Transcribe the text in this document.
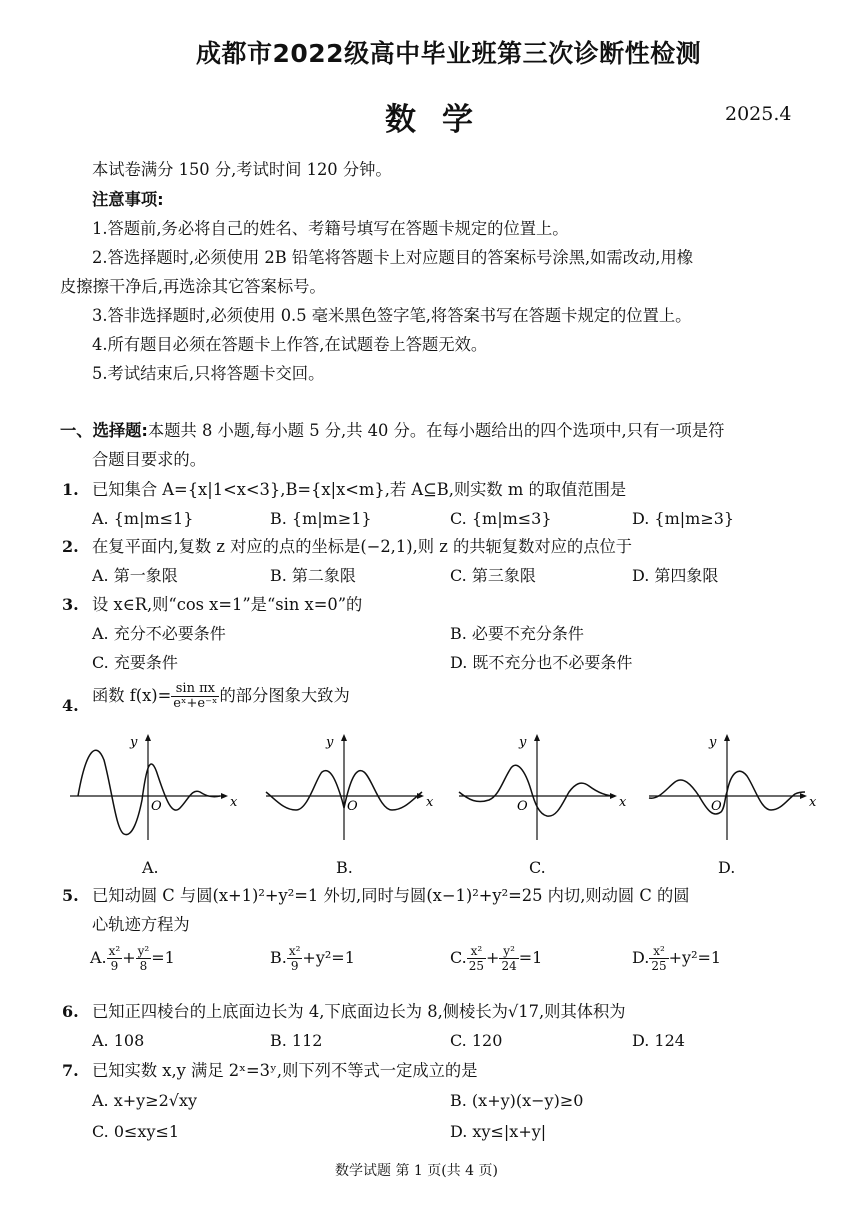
成都市2022级高中毕业班第三次诊断性检测
数学	2025.4
本试卷满分 150 分,考试时间 120 分钟。
注意事项:
1.答题前,务必将自己的姓名、考籍号填写在答题卡规定的位置上。
2.答选择题时,必须使用 2B 铅笔将答题卡上对应题目的答案标号涂黑,如需改动,用橡
皮擦擦干净后,再选涂其它答案标号。
3.答非选择题时,必须使用 0.5 毫米黑色签字笔,将答案书写在答题卡规定的位置上。
4.所有题目必须在答题卡上作答,在试题卷上答题无效。
5.考试结束后,只将答题卡交回。
一、选择题:本题共 8 小题,每小题 5 分,共 40 分。在每小题给出的四个选项中,只有一项是符
合题目要求的。
1. 已知集合 A={x|1<x<3},B={x|x<m},若 A⊆B,则实数 m 的取值范围是
A. {m|m≤1}	B. {m|m≥1}	C. {m|m≤3}	D. {m|m≥3}
2. 在复平面内,复数 z 对应的点的坐标是(−2,1),则 z 的共轭复数对应的点位于
A. 第一象限	B. 第二象限	C. 第三象限	D. 第四象限
3. 设 x∈R,则“cos x=1”是“sin x=0”的
A. 充分不必要条件	B. 必要不充分条件
C. 充要条件	D. 既不充分也不必要条件
4.
函数 $f(x)= \frac{\text{sin πx}}{\text{eˣ+e⁻ˣ}}$ 的部分图象大致为
x
y
O	x
y
O	x
y
O	x
y
O
A.	B.	C.	D.
5. 已知动圆 C 与圆(x+1)²+y²=1 外切,同时与圆(x−1)²+y²=25 内切,则动圆 C 的圆
心轨迹方程为
A. $\frac{\text{x²}}{9} + \frac{\text{y²}}{8} =1$	B. $\frac{\text{x²}}{9} +y^2=1$	C. $\frac{\text{x²}}{25} + \frac{\text{y²}}{24} =1$	D. $\frac{\text{x²}}{25} +y^2=1$
6. 已知正四棱台的上底面边长为 4,下底面边长为 8,侧棱长为√17,则其体积为
A. 108	B. 112	C. 120	D. 124
7. 已知实数 x,y 满足 2ˣ=3ʸ,则下列不等式一定成立的是
A. x+y≥2√xy	B. (x+y)(x−y)≥0
C. 0≤xy≤1	D. xy≤|x+y|
数学试题 第 1 页(共 4 页)
